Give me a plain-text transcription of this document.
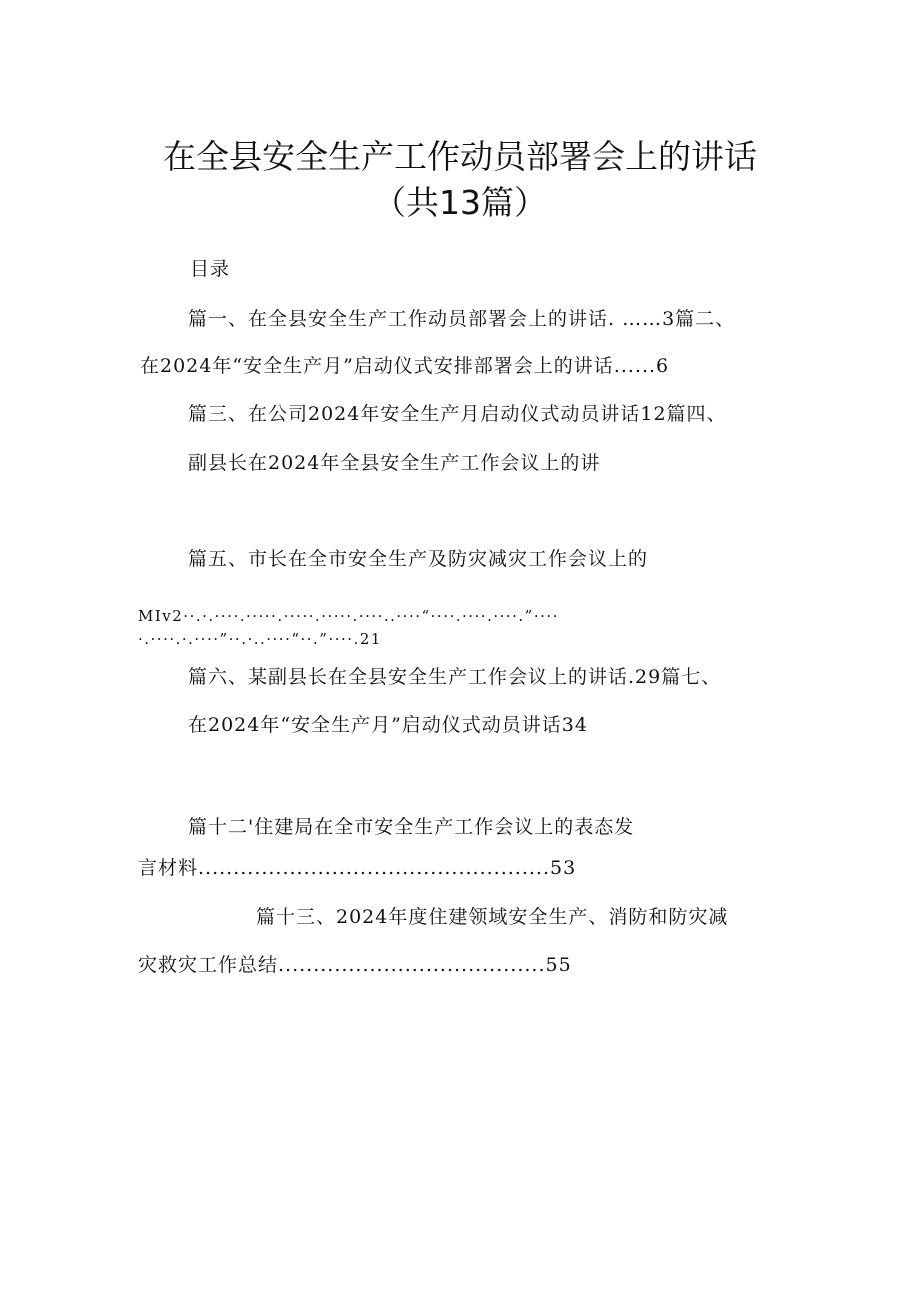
在全县安全生产工作动员部署会上的讲话
（共13篇）
目录
篇一、在全县安全生产工作动员部署会上的讲话. ……3篇二、
在2024年“安全生产月”启动仪式安排部署会上的讲话......6
篇三、在公司2024年安全生产月启动仪式动员讲话12篇四、
副县长在2024年全县安全生产工作会议上的讲
篇五、市长在全市安全生产及防灾减灾工作会议上的
MIv2··.·.····.·····.·····.·····.····..····“····.····.····.”····
·.····.·.····”··.·..····“··.”····.21
篇六、某副县长在全县安全生产工作会议上的讲话.29篇七、
在2024年“安全生产月”启动仪式动员讲话34
篇十二'住建局在全市安全生产工作会议上的表态发
言材料..................................................53
篇十三、2024年度住建领域安全生产、消防和防灾减
灾救灾工作总结......................................55
